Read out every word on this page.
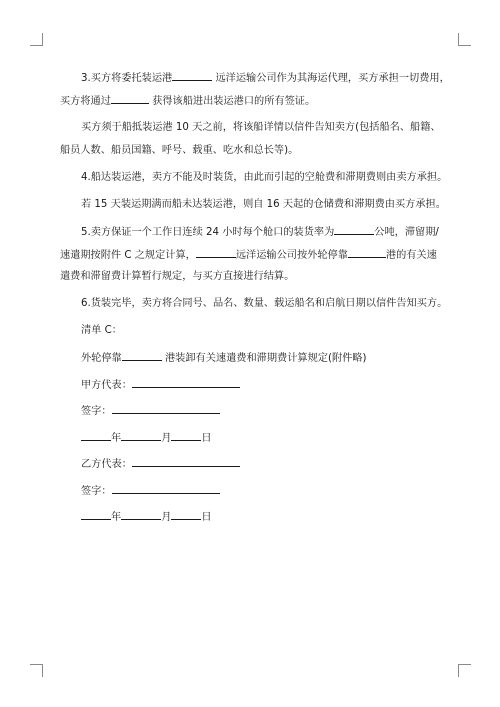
3.买方将委托装运港	远洋运输公司作为其海运代理，买方承担一切费用，
买方将通过	获得该船进出装运港口的所有签证。
买方须于船抵装运港 10 天之前，将该船详情以信件告知卖方(包括船名、船籍、
船员人数、船员国籍、呼号、载重、吃水和总长等)。
4.船达装运港，卖方不能及时装货，由此而引起的空舱费和滞期费则由卖方承担。
若 15 天装运期满而船未达装运港，则自 16 天起的仓储费和滞期费由买方承担。
5.卖方保证一个工作日连续 24 小时每个舱口的装货率为	公吨，滞留期/
速遣期按附件 C 之规定计算，	远洋运输公司按外轮停靠	港的有关速
遣费和滞留费计算暂行规定，与买方直接进行结算。
6.货装完毕，卖方将合同号、品名、数量、载运船名和启航日期以信件告知买方。
清单 C：
外轮停靠	港装卸有关速遣费和滞期费计算规定(附件略)
甲方代表：
签字：
年	月	日
乙方代表：
签字：
年	月	日
